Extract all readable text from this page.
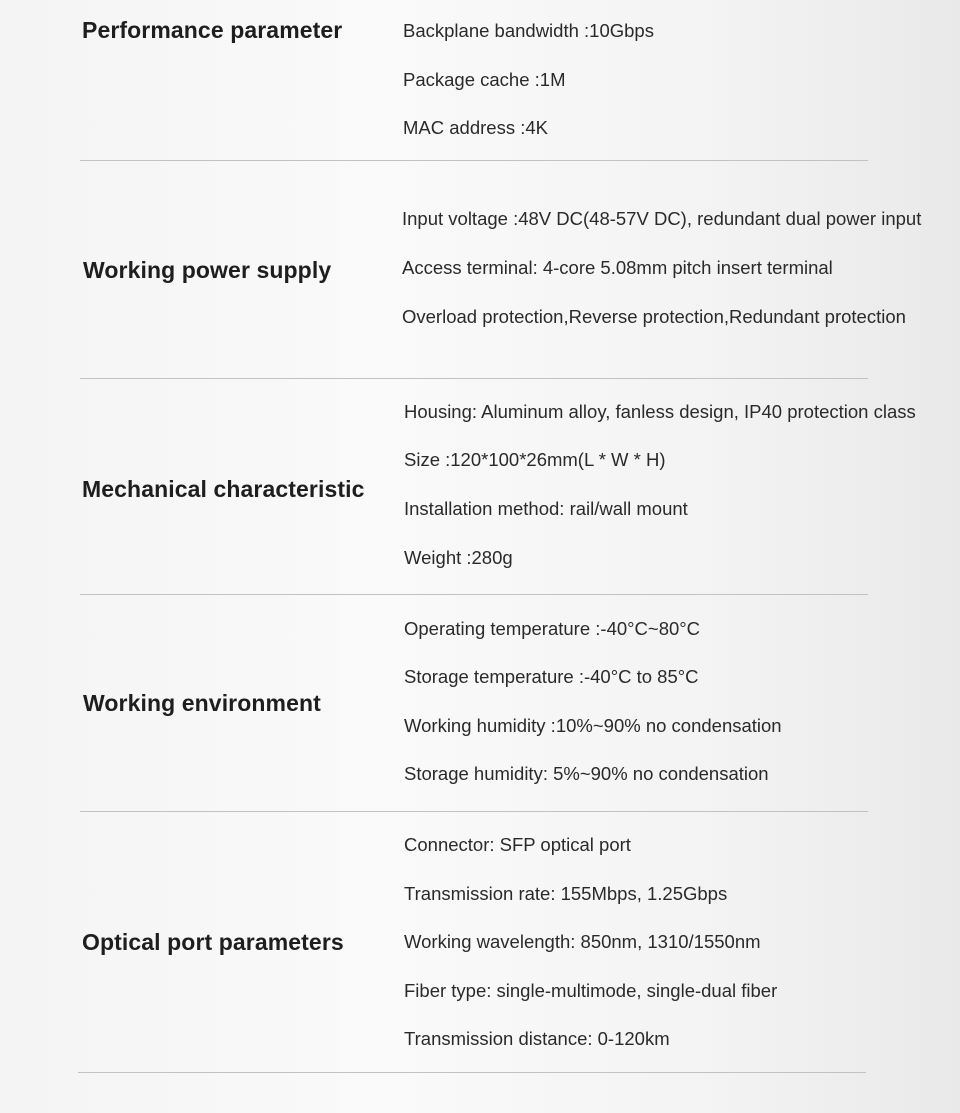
Performance parameter	Backplane bandwidth :10Gbps
Package cache :1M
MAC address :4K
Working power supply
Input voltage :48V DC(48-57V DC), redundant dual power input
Access terminal: 4-core 5.08mm pitch insert terminal
Overload protection,Reverse protection,Redundant protection
Mechanical characteristic
Housing: Aluminum alloy, fanless design, IP40 protection class
Size :120*100*26mm(L * W * H)
Installation method: rail/wall mount
Weight :280g
Working environment
Operating temperature :-40°C~80°C
Storage temperature :-40°C to 85°C
Working humidity :10%~90% no condensation
Storage humidity: 5%~90% no condensation
Optical port parameters
Connector: SFP optical port
Transmission rate: 155Mbps, 1.25Gbps
Working wavelength: 850nm, 1310/1550nm
Fiber type: single-multimode, single-dual fiber
Transmission distance: 0-120km
